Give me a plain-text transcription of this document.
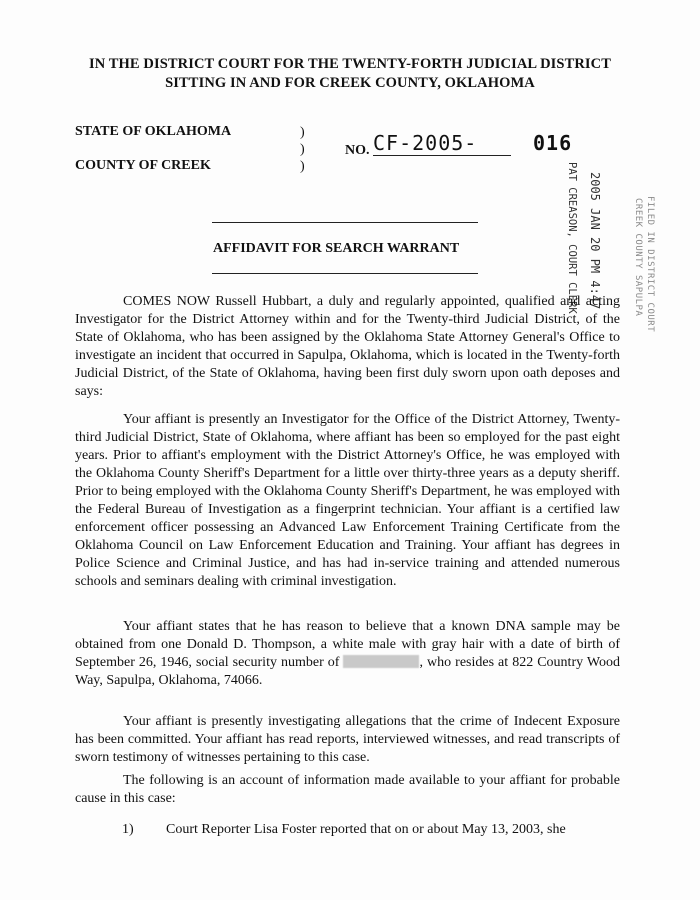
IN THE DISTRICT COURT FOR THE TWENTY-FORTH JUDICIAL DISTRICT
SITTING IN AND FOR CREEK COUNTY, OKLAHOMA
STATE OF OKLAHOMA
COUNTY OF CREEK
)
)
)
NO. CF-2005-	016
2005 JAN 20 PM 4:47
PAT CREASON, COURT CLERK	FILED IN DISTRICT COURT
CREEK COUNTY SAPULPA
AFFIDAVIT FOR SEARCH WARRANT
COMES NOW Russell Hubbart, a duly and regularly appointed, qualified and acting Investigator for the District Attorney within and for the Twenty-third Judicial District, of the State of Oklahoma, who has been assigned by the Oklahoma State Attorney General's Office to investigate an incident that occurred in Sapulpa, Oklahoma, which is located in the Twenty-forth Judicial District, of the State of Oklahoma, having been first duly sworn upon oath deposes and says:
Your affiant is presently an Investigator for the Office of the District Attorney, Twenty-third Judicial District, State of Oklahoma, where affiant has been so employed for the past eight years. Prior to affiant's employment with the District Attorney's Office, he was employed with the Oklahoma County Sheriff's Department for a little over thirty-three years as a deputy sheriff. Prior to being employed with the Oklahoma County Sheriff's Department, he was employed with the Federal Bureau of Investigation as a fingerprint technician. Your affiant is a certified law enforcement officer possessing an Advanced Law Enforcement Training Certificate from the Oklahoma Council on Law Enforcement Education and Training. Your affiant has degrees in Police Science and Criminal Justice, and has had in-service training and attended numerous schools and seminars dealing with criminal investigation.
Your affiant states that he has reason to believe that a known DNA sample may be obtained from one Donald D. Thompson, a white male with gray hair with a date of birth of September 26, 1946, social security number of	, who resides at 822 Country Wood Way, Sapulpa, Oklahoma, 74066.
Your affiant is presently investigating allegations that the crime of Indecent Exposure has been committed. Your affiant has read reports, interviewed witnesses, and read transcripts of sworn testimony of witnesses pertaining to this case.
The following is an account of information made available to your affiant for probable cause in this case:
1) Court Reporter Lisa Foster reported that on or about May 13, 2003, she
